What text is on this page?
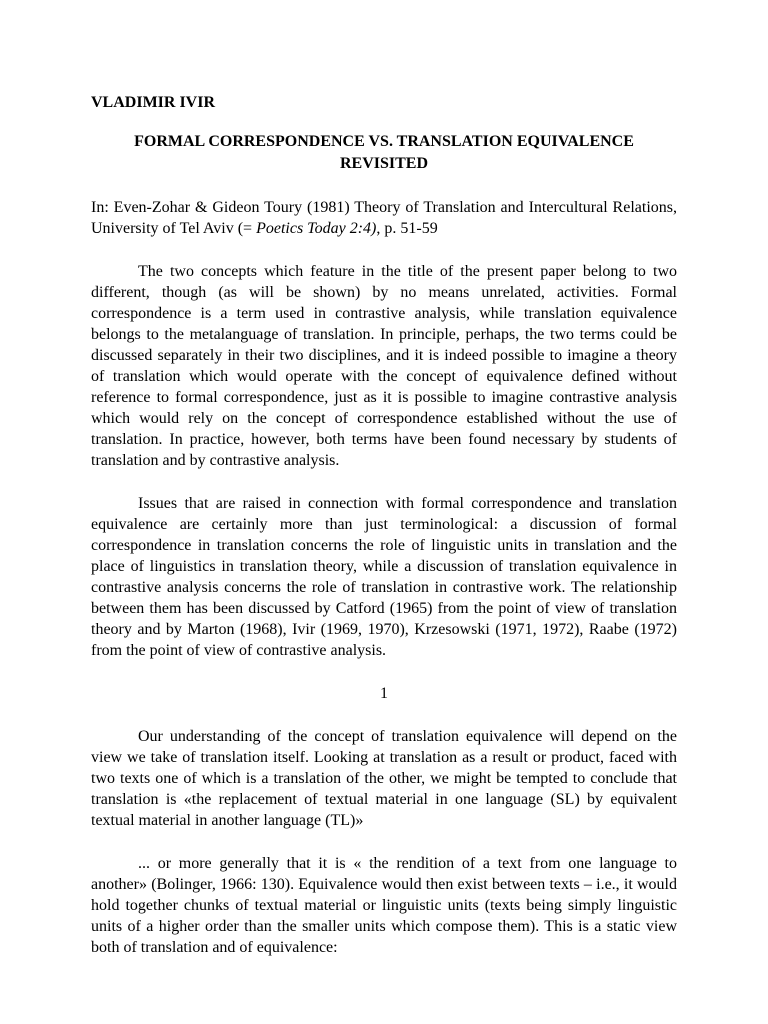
VLADIMIR IVIR
FORMAL CORRESPONDENCE VS. TRANSLATION EQUIVALENCE REVISITED
In: Even-Zohar & Gideon Toury (1981) Theory of Translation and Intercultural Relations, University of Tel Aviv (= Poetics Today 2:4), p. 51-59

The two concepts which feature in the title of the present paper belong to two different, though (as will be shown) by no means unrelated, activities. Formal correspondence is a term used in contrastive analysis, while translation equivalence belongs to the metalanguage of translation. In principle, perhaps, the two terms could be discussed separately in their two disciplines, and it is indeed possible to imagine a theory of translation which would operate with the concept of equivalence defined without reference to formal correspondence, just as it is possible to imagine contrastive analysis which would rely on the concept of correspondence established without the use of translation. In practice, however, both terms have been found necessary by students of translation and by contrastive analysis.

Issues that are raised in connection with formal correspondence and translation equivalence are certainly more than just terminological: a discussion of formal correspondence in translation concerns the role of linguistic units in translation and the place of linguistics in translation theory, while a discussion of translation equivalence in contrastive analysis concerns the role of translation in contrastive work. The relationship between them has been discussed by Catford (1965) from the point of view of translation theory and by Marton (1968), Ivir (1969, 1970), Krzesowski (1971, 1972), Raabe (1972) from the point of view of contrastive analysis.

1

Our understanding of the concept of translation equivalence will depend on the view we take of translation itself. Looking at translation as a result or product, faced with two texts one of which is a translation of the other, we might be tempted to conclude that translation is «the replacement of textual material in one language (SL) by equivalent textual material in another language (TL)»

... or more generally that it is « the rendition of a text from one language to another» (Bolinger, 1966: 130). Equivalence would then exist between texts – i.e., it would hold together chunks of textual material or linguistic units (texts being simply linguistic units of a higher order than the smaller units which compose them). This is a static view both of translation and of equivalence:
